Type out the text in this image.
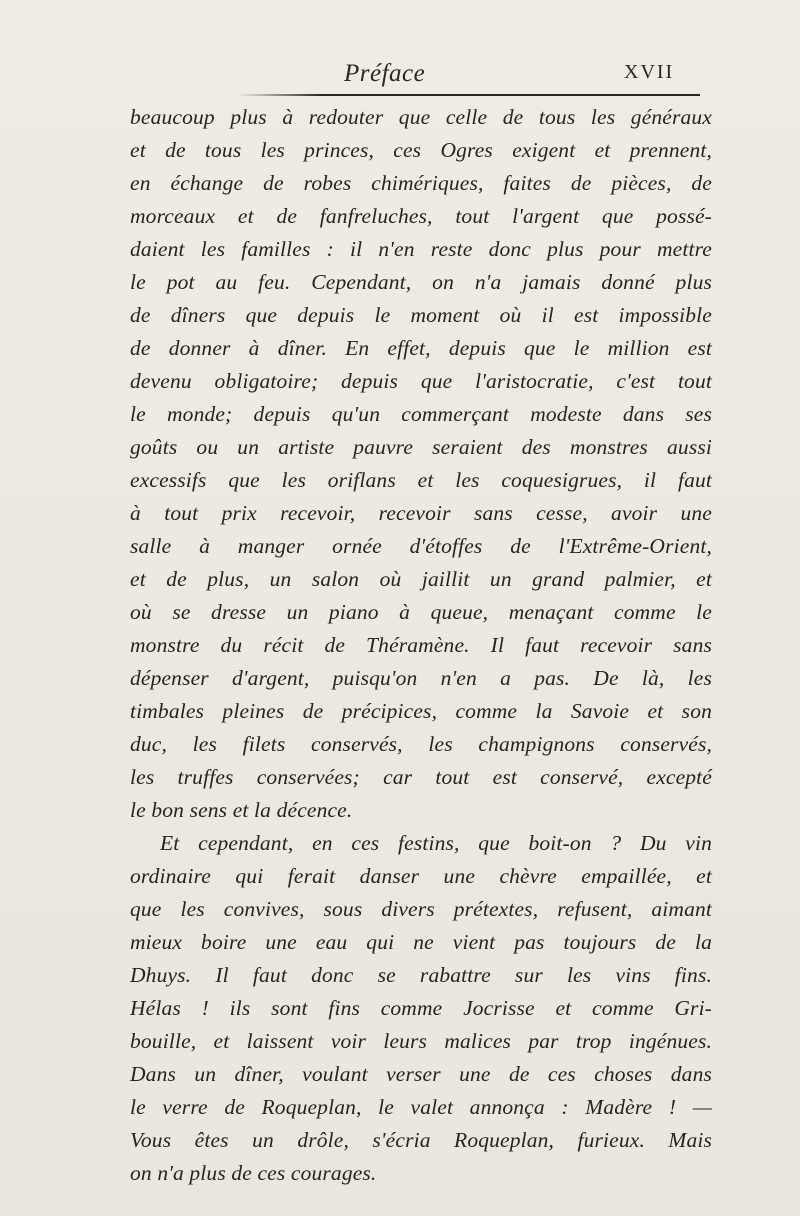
Préface	XVII
beaucoup plus à redouter que celle de tous les généraux
et de tous les princes, ces Ogres exigent et prennent,
en échange de robes chimériques, faites de pièces, de
morceaux et de fanfreluches, tout l'argent que possé-
daient les familles : il n'en reste donc plus pour mettre
le pot au feu. Cependant, on n'a jamais donné plus
de dîners que depuis le moment où il est impossible
de donner à dîner. En effet, depuis que le million est
devenu obligatoire; depuis que l'aristocratie, c'est tout
le monde; depuis qu'un commerçant modeste dans ses
goûts ou un artiste pauvre seraient des monstres aussi
excessifs que les oriflans et les coquesigrues, il faut
à tout prix recevoir, recevoir sans cesse, avoir une
salle à manger ornée d'étoffes de l'Extrême-Orient,
et de plus, un salon où jaillit un grand palmier, et
où se dresse un piano à queue, menaçant comme le
monstre du récit de Théramène. Il faut recevoir sans
dépenser d'argent, puisqu'on n'en a pas. De là, les
timbales pleines de précipices, comme la Savoie et son
duc, les filets conservés, les champignons conservés,
les truffes conservées; car tout est conservé, excepté
le bon sens et la décence.
Et cependant, en ces festins, que boit-on ? Du vin
ordinaire qui ferait danser une chèvre empaillée, et
que les convives, sous divers prétextes, refusent, aimant
mieux boire une eau qui ne vient pas toujours de la
Dhuys. Il faut donc se rabattre sur les vins fins.
Hélas ! ils sont fins comme Jocrisse et comme Gri-
bouille, et laissent voir leurs malices par trop ingénues.
Dans un dîner, voulant verser une de ces choses dans
le verre de Roqueplan, le valet annonça : Madère ! —
Vous êtes un drôle, s'écria Roqueplan, furieux. Mais
on n'a plus de ces courages.
